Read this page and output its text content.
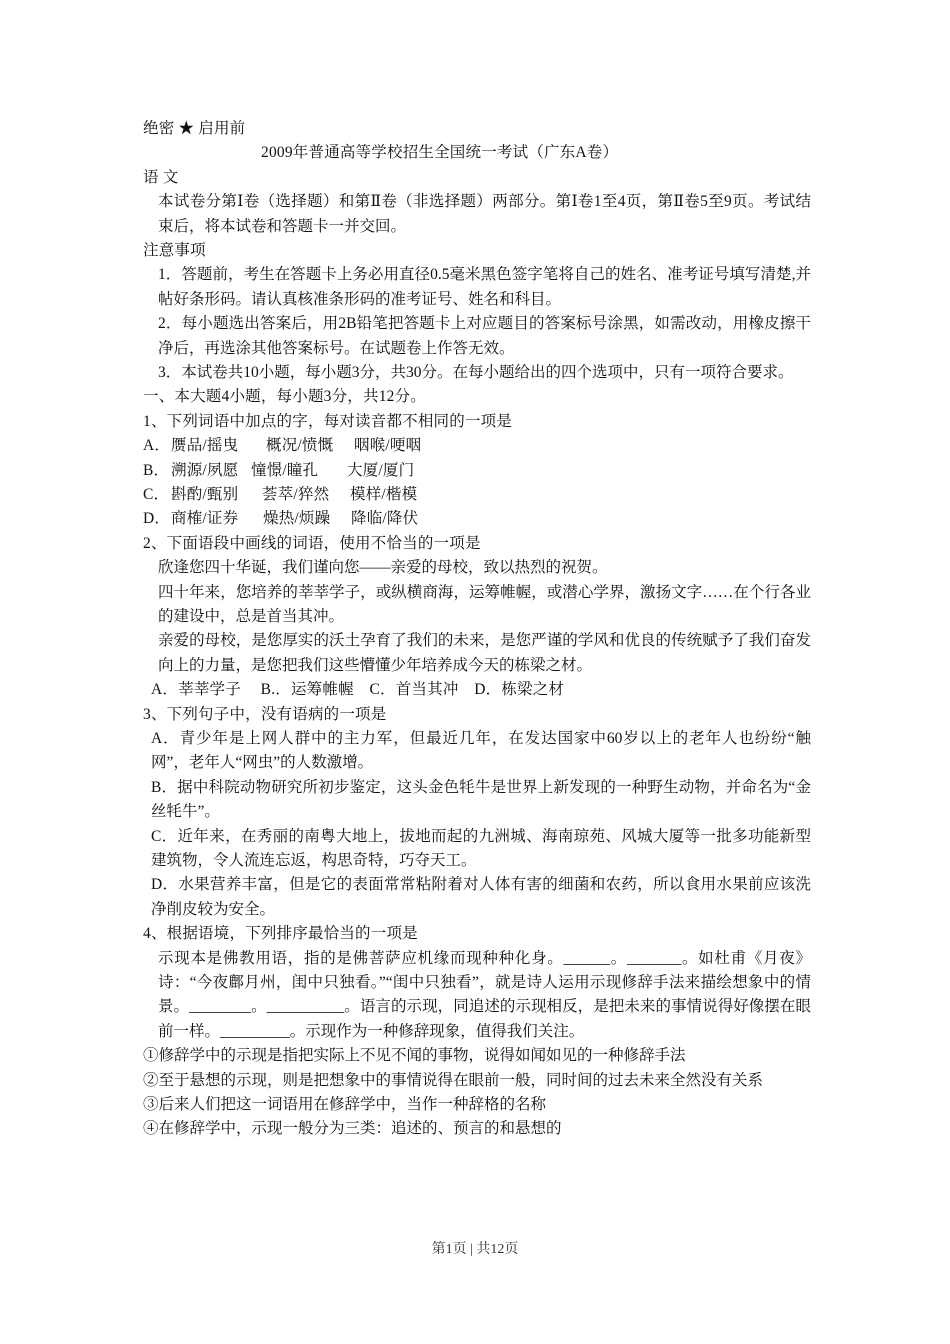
绝密 ★ 启用前
2009年普通高等学校招生全国统一考试（广东A卷）
语 文
本试卷分第Ⅰ卷（选择题）和第Ⅱ卷（非选择题）两部分。第Ⅰ卷1至4页，第Ⅱ卷5至9页。考试结束后，将本试卷和答题卡一并交回。
注意事项
1．答题前，考生在答题卡上务必用直径0.5毫米黑色签字笔将自己的姓名、准考证号填写清楚,并帖好条形码。请认真核准条形码的准考证号、姓名和科目。
2．每小题选出答案后，用2B铅笔把答题卡上对应题目的答案标号涂黑，如需改动，用橡皮擦干净后，再选涂其他答案标号。在试题卷上作答无效。
3．本试卷共10小题，每小题3分，共30分。在每小题给出的四个选项中，只有一项符合要求。
一、本大题4小题，每小题3分，共12分。
1、下列词语中加点的字，每对读音都不相同的一项是
A．赝品/摇曳 概况/愤慨 咽喉/哽咽
B． 溯源/夙愿 憧憬/瞳孔 大厦/厦门
C． 斟酌/甄别 荟萃/猝然 模样/楷模
D．商榷/证券 燥热/烦躁 降临/降伏
2、下面语段中画线的词语，使用不恰当的一项是
欣逢您四十华诞，我们谨向您——亲爱的母校，致以热烈的祝贺。
四十年来，您培养的莘莘学子，或纵横商海，运筹帷幄，或潜心学界，激扬文字……在个行各业的建设中，总是首当其冲。
亲爱的母校，是您厚实的沃土孕育了我们的未来，是您严谨的学风和优良的传统赋予了我们奋发向上的力量，是您把我们这些懵懂少年培养成今天的栋梁之材。
A．莘莘学子　 B.．运筹帷幄　C．首当其冲　D．栋梁之材
3、下列句子中，没有语病的一项是
A．青少年是上网人群中的主力军，但最近几年，在发达国家中60岁以上的老年人也纷纷“触网”，老年人“网虫”的人数激增。
B．据中科院动物研究所初步鉴定，这头金色牦牛是世界上新发现的一种野生动物，并命名为“金丝牦牛”。
C．近年来，在秀丽的南粤大地上，拔地而起的九洲城、海南琼苑、风城大厦等一批多功能新型建筑物，令人流连忘返，构思奇特，巧夺天工。
D．水果营养丰富，但是它的表面常常粘附着对人体有害的细菌和农药，所以食用水果前应该洗净削皮较为安全。
4、根据语境，下列排序最恰当的一项是
示现本是佛教用语，指的是佛菩萨应机缘而现种种化身。______。_______。如杜甫《月夜》诗：“今夜鄜月州，闺中只独看。”“闺中只独看”，就是诗人运用示现修辞手法来描绘想象中的情景。________。__________。语言的示现，同追述的示现相反，是把未来的事情说得好像摆在眼前一样。_________。示现作为一种修辞现象，值得我们关注。
①修辞学中的示现是指把实际上不见不闻的事物，说得如闻如见的一种修辞手法
②至于悬想的示现，则是把想象中的事情说得在眼前一般，同时间的过去未来全然没有关系
③后来人们把这一词语用在修辞学中，当作一种辞格的名称
④在修辞学中，示现一般分为三类：追述的、预言的和悬想的
第1页 | 共12页
